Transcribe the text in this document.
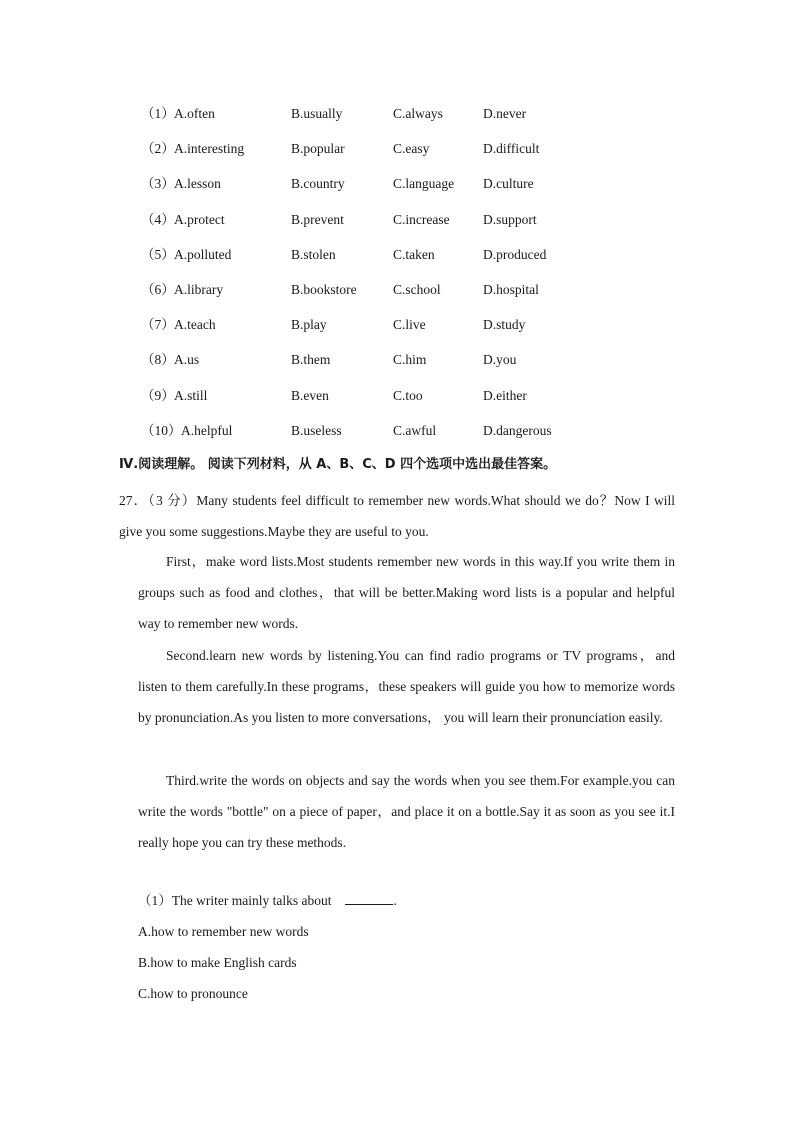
（1） A.often	B.usually	C.always	D.never
（2） A.interesting	B.popular	C.easy	D.difficult
（3） A.lesson	B.country	C.language D.culture
（4） A.protect	B.prevent	C.increase D.support
（5） A.polluted	B.stolen	C.taken	D.produced
（6） A.library	B.bookstore	C.school	D.hospital
（7） A.teach	B.play	C.live	D.study
（8） A.us	B.them	C.him	D.you
（9） A.still	B.even	C.too	D.either
（10） A.helpful	B.useless	C.awful	D.dangerous
Ⅳ.阅读理解。 阅读下列材料，从 A、B、C、D 四个选项中选出最佳答案。
27．（3 分）Many students feel difficult to remember new words.What should we do？Now I will give you some suggestions.Maybe they are useful to you.
First，make word lists.Most students remember new words in this way.If you write them in groups such as food and clothes，that will be better.Making word lists is a popular and helpful way to remember new words.
Second.learn new words by listening.You can find radio programs or TV programs，and listen to them carefully.In these programs，these speakers will guide you how to memorize words by pronunciation.As you listen to more conversations， you will learn their pronunciation easily.
Third.write the words on objects and say the words when you see them.For example.you can write the words "bottle" on a piece of paper，and place it on a bottle.Say it as soon as you see it.I really hope you can try these methods.
（1）The writer mainly talks about	.
A.how to remember new words
B.how to make English cards
C.how to pronounce
